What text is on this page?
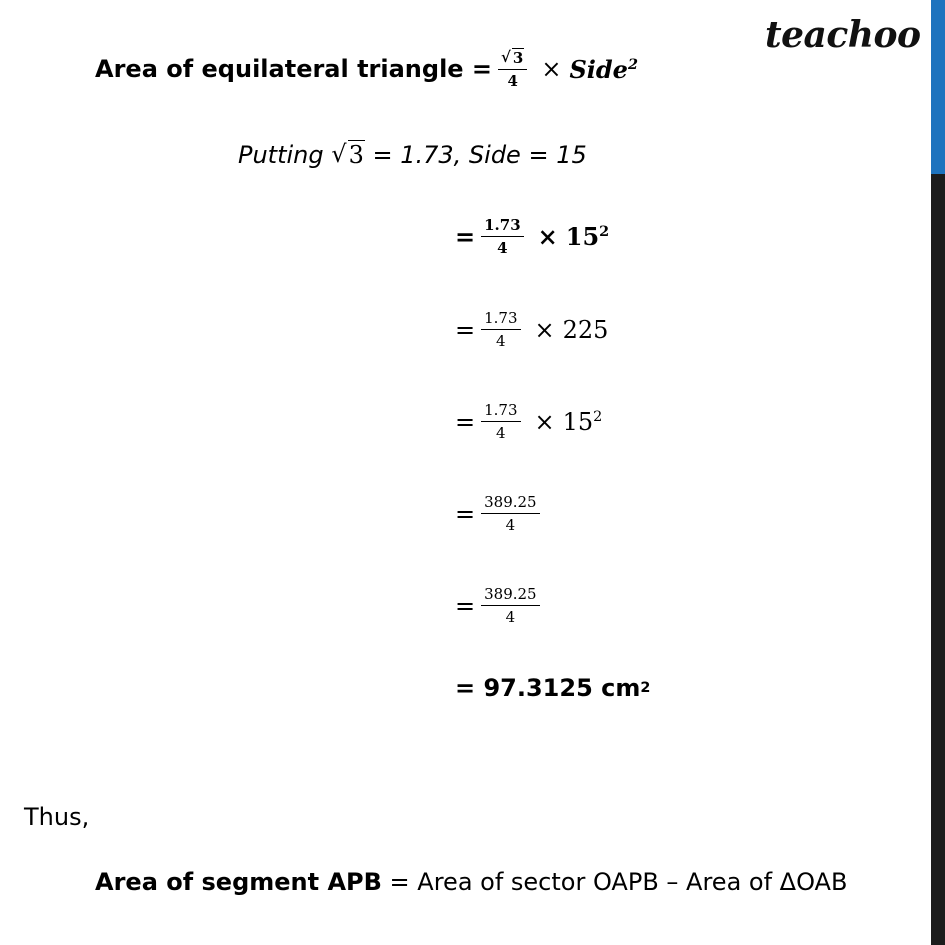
teachoo
Area of equilateral triangle = $\frac{√ 3}{4}$ × Side$^2$
Putting
√ 3
= 1.73, Side = 15
= $\frac{1.73}{4} \times 15^2$
= $\frac{1.73}{4} \times 225$
= $\frac{1.73}{4} \times 15^2$
= $\frac{389.25}{4}$
= $\frac{389.25}{4}$
= 97.3125 cm 2
Thus,
Area of segment APB = Area of sector OAPB – Area of ΔOAB
